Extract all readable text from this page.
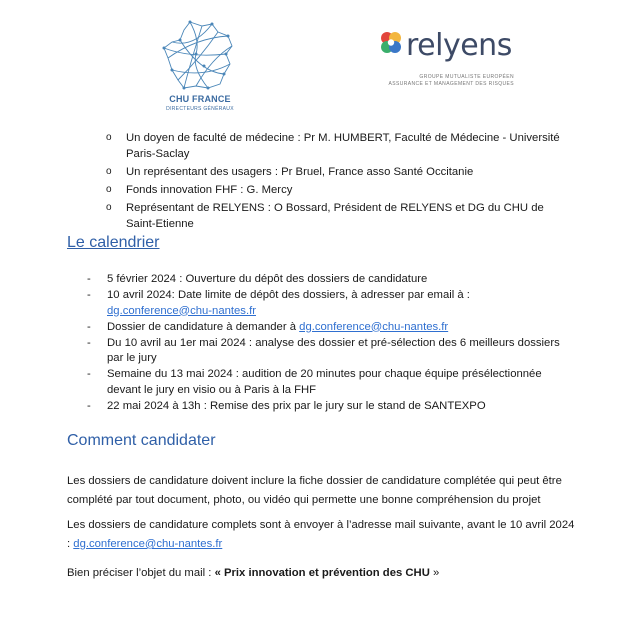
CHU FRANCE
DIRECTEURS GÉNÉRAUX
relyens
GROUPE MUTUALISTE EUROPÉEN
ASSURANCE ET MANAGEMENT DES RISQUES
o Un doyen de faculté de médecine : Pr M. HUMBERT, Faculté de Médecine - Université Paris-Saclay
o Un représentant des usagers : Pr Bruel, France asso Santé Occitanie
o Fonds innovation FHF : G. Mercy
o Représentant de RELYENS : O Bossard, Président de RELYENS et DG du CHU de Saint-Etienne
Le calendrier
- 5 février 2024 : Ouverture du dépôt des dossiers de candidature
- 10 avril 2024: Date limite de dépôt des dossiers, à adresser par email à : dg.conference@chu-nantes.fr
- Dossier de candidature à demander à dg.conference@chu-nantes.fr
- Du 10 avril au 1er mai 2024 : analyse des dossier et pré-sélection des 6 meilleurs dossiers par le jury
- Semaine du 13 mai 2024 : audition de 20 minutes pour chaque équipe présélectionnée devant le jury en visio ou à Paris à la FHF
- 22 mai 2024 à 13h : Remise des prix par le jury sur le stand de SANTEXPO
Comment candidater
Les dossiers de candidature doivent inclure la fiche dossier de candidature complétée qui peut être complété par tout document, photo, ou vidéo qui permette une bonne compréhension du projet
Les dossiers de candidature complets sont à envoyer à l’adresse mail suivante, avant le 10 avril 2024 : dg.conference@chu-nantes.fr
Bien préciser l’objet du mail : « Prix innovation et prévention des CHU »
